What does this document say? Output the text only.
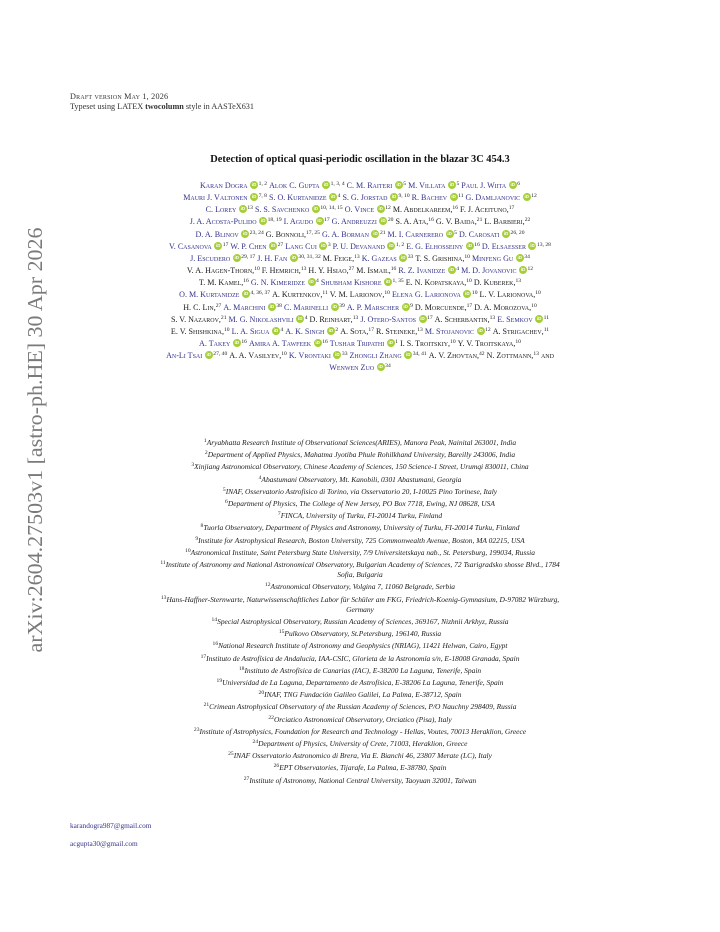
arXiv:2604.27503v1 [astro-ph.HE] 30 Apr 2026
Draft version May 1, 2026
Typeset using LATEX twocolumn style in AASTeX631
Detection of optical quasi-periodic oscillation in the blazar 3C 454.3
Karan Dogra iD $^{1, 2}$ Alok C. Gupta iD $^{1, 3, 4}$ C. M. Raiteri iD $^5$ M. Villata iD $^5$ Paul J. Wiita iD $^6$
Mauri J. Valtonen iD $^{7, 8}$ S. O. Kurtanidze iD $^4$ S. G. Jorstad iD $^{9, 10}$ R. Bachev iD $^{11}$ G. Damljanovic iD $^{12}$
C. Lorey iD $^{13}$ S. S. Savchenko iD $^{10, 14, 15}$ O. Vince iD $^{12}$ M. Abdelkareem,$^{16}$ F. J. Aceituno,$^{17}$
J. A. Acosta-Pulido iD $^{18, 19}$ I. Agudo iD $^{17}$ G. Andreuzzi iD $^{20}$ S. A. Ata,$^{16}$ G. V. Baida,$^{21}$ L. Barbieri,$^{22}$
D. A. Blinov iD $^{23, 24}$ G. Bonnoli,$^{17, 25}$ G. A. Borman iD $^{21}$ M. I. Carnerero iD $^5$ D. Carosati iD $^{26, 20}$
V. Casanova iD $^{17}$ W. P. Chen iD $^{27}$ Lang Cui iD $^3$ P. U. Devanand iD $^{1, 2}$ E. G. Elhosseiny iD $^{16}$ D. Elsaesser iD $^{13, 28}$
J. Escudero iD $^{29, 17}$ J. H. Fan iD $^{30, 31, 32}$ M. Feige,$^{13}$ K. Gazeas iD $^{33}$ T. S. Grishina,$^{10}$ Minfeng Gu iD $^{34}$
V. A. Hagen-Thorn,$^{10}$ F. Hemrich,$^{13}$ H. Y. Hsiao,$^{27}$ M. Ismail,$^{16}$ R. Z. Ivanidze iD $^4$ M. D. Jovanovic iD $^{12}$
T. M. Kamel,$^{16}$ G. N. Kimeridze iD $^4$ Shubham Kishore iD $^{1, 35}$ E. N. Kopatskaya,$^{10}$ D. Kuberek,$^{13}$
O. M. Kurtanidze iD $^{4, 36, 37}$ A. Kurtenkov,$^{11}$ V. M. Larionov,$^{10}$ Elena G. Larionova iD $^{10}$ L. V. Larionova,$^{10}$
H. C. Lin,$^{27}$ A. Marchini iD $^{38}$ C. Marinelli iD $^{39}$ A. P. Marscher iD $^9$ D. Morcuende,$^{17}$ D. A. Morozova,$^{10}$
S. V. Nazarov,$^{21}$ M. G. Nikolashvili iD $^4$ D. Reinhart,$^{13}$ J. Otero-Santos iD $^{17}$ A. Scherbantin,$^{13}$ E. Semkov iD $^{11}$
E. V. Shishkina,$^{10}$ L. A. Sigua iD $^4$ A. K. Singh iD $^2$ A. Sota,$^{17}$ R. Steineke,$^{13}$ M. Stojanovic iD $^{12}$ A. Strigachev,$^{11}$
A. Takey iD $^{16}$ Amira A. Tawfeek iD $^{16}$ Tushar Tripathi iD $^1$ I. S. Troitskiy,$^{10}$ Y. V. Troitskaya,$^{10}$
An-Li Tsai iD $^{27, 40}$ A. A. Vasilyev,$^{10}$ K. Vrontaki iD $^{33}$ Zhongli Zhang iD $^{34, 41}$ A. V. Zhovtan,$^{42}$ N. Zottmann,$^{13}$ and
Wenwen Zuo iD $^{34}$
$^1$Aryabhatta Research Institute of Observational Sciences(ARIES), Manora Peak, Nainital 263001, India
$^2$Department of Applied Physics, Mahatma Jyotiba Phule Rohilkhand University, Bareilly 243006, India
$^3$Xinjiang Astronomical Observatory, Chinese Academy of Sciences, 150 Science-1 Street, Urumqi 830011, China
$^4$Abastumani Observatory, Mt. Kanobili, 0301 Abastumani, Georgia
$^5$INAF, Osservatorio Astrofisico di Torino, via Osservatorio 20, I-10025 Pino Torinese, Italy
$^6$Department of Physics, The College of New Jersey, PO Box 7718, Ewing, NJ 08628, USA
$^7$FINCA, University of Turku, FI-20014 Turku, Finland
$^8$Tuorla Observatory, Department of Physics and Astronomy, University of Turku, FI-20014 Turku, Finland
$^9$Institute for Astrophysical Research, Boston University, 725 Commonwealth Avenue, Boston, MA 02215, USA
$^{10}$Astronomical Institute, Saint Petersburg State University, 7/9 Universitetskaya nab., St. Petersburg, 199034, Russia
$^{11}$Institute of Astronomy and National Astronomical Observatory, Bulgarian Academy of Sciences, 72 Tsarigradsko shosse Blvd., 1784
Sofia, Bulgaria
$^{12}$Astronomical Observatory, Volgina 7, 11060 Belgrade, Serbia
$^{13}$Hans-Haffner-Sternwarte, Naturwissenschaftliches Labor für Schüler am FKG, Friedrich-Koenig-Gymnasium, D-97082 Würzburg,
Germany
$^{14}$Special Astrophysical Observatory, Russian Academy of Sciences, 369167, Nizhnii Arkhyz, Russia
$^{15}$Pulkovo Observatory, St.Petersburg, 196140, Russia
$^{16}$National Research Institute of Astronomy and Geophysics (NRIAG), 11421 Helwan, Cairo, Egypt
$^{17}$Instituto de Astrofísica de Andalucía, IAA-CSIC, Glorieta de la Astronomía s/n, E-18008 Granada, Spain
$^{18}$Instituto de Astrofísica de Canarias (IAC), E-38200 La Laguna, Tenerife, Spain
$^{19}$Universidad de La Laguna, Departamento de Astrofísica, E-38206 La Laguna, Tenerife, Spain
$^{20}$INAF, TNG Fundación Galileo Galilei, La Palma, E-38712, Spain
$^{21}$Crimean Astrophysical Observatory of the Russian Academy of Sciences, P/O Nauchny 298409, Russia
$^{22}$Orciatico Astronomical Observatory, Orciatico (Pisa), Italy
$^{23}$Institute of Astrophysics, Foundation for Research and Technology - Hellas, Voutes, 70013 Heraklion, Greece
$^{24}$Department of Physics, University of Crete, 71003, Heraklion, Greece
$^{25}$INAF Osservatorio Astronomico di Brera, Via E. Bianchi 46, 23807 Merate (LC), Italy
$^{26}$EPT Observatories, Tijarafe, La Palma, E-38780, Spain
$^{27}$Institute of Astronomy, National Central University, Taoyuan 32001, Taiwan
karandogra987@gmail.com
acgupta30@gmail.com
